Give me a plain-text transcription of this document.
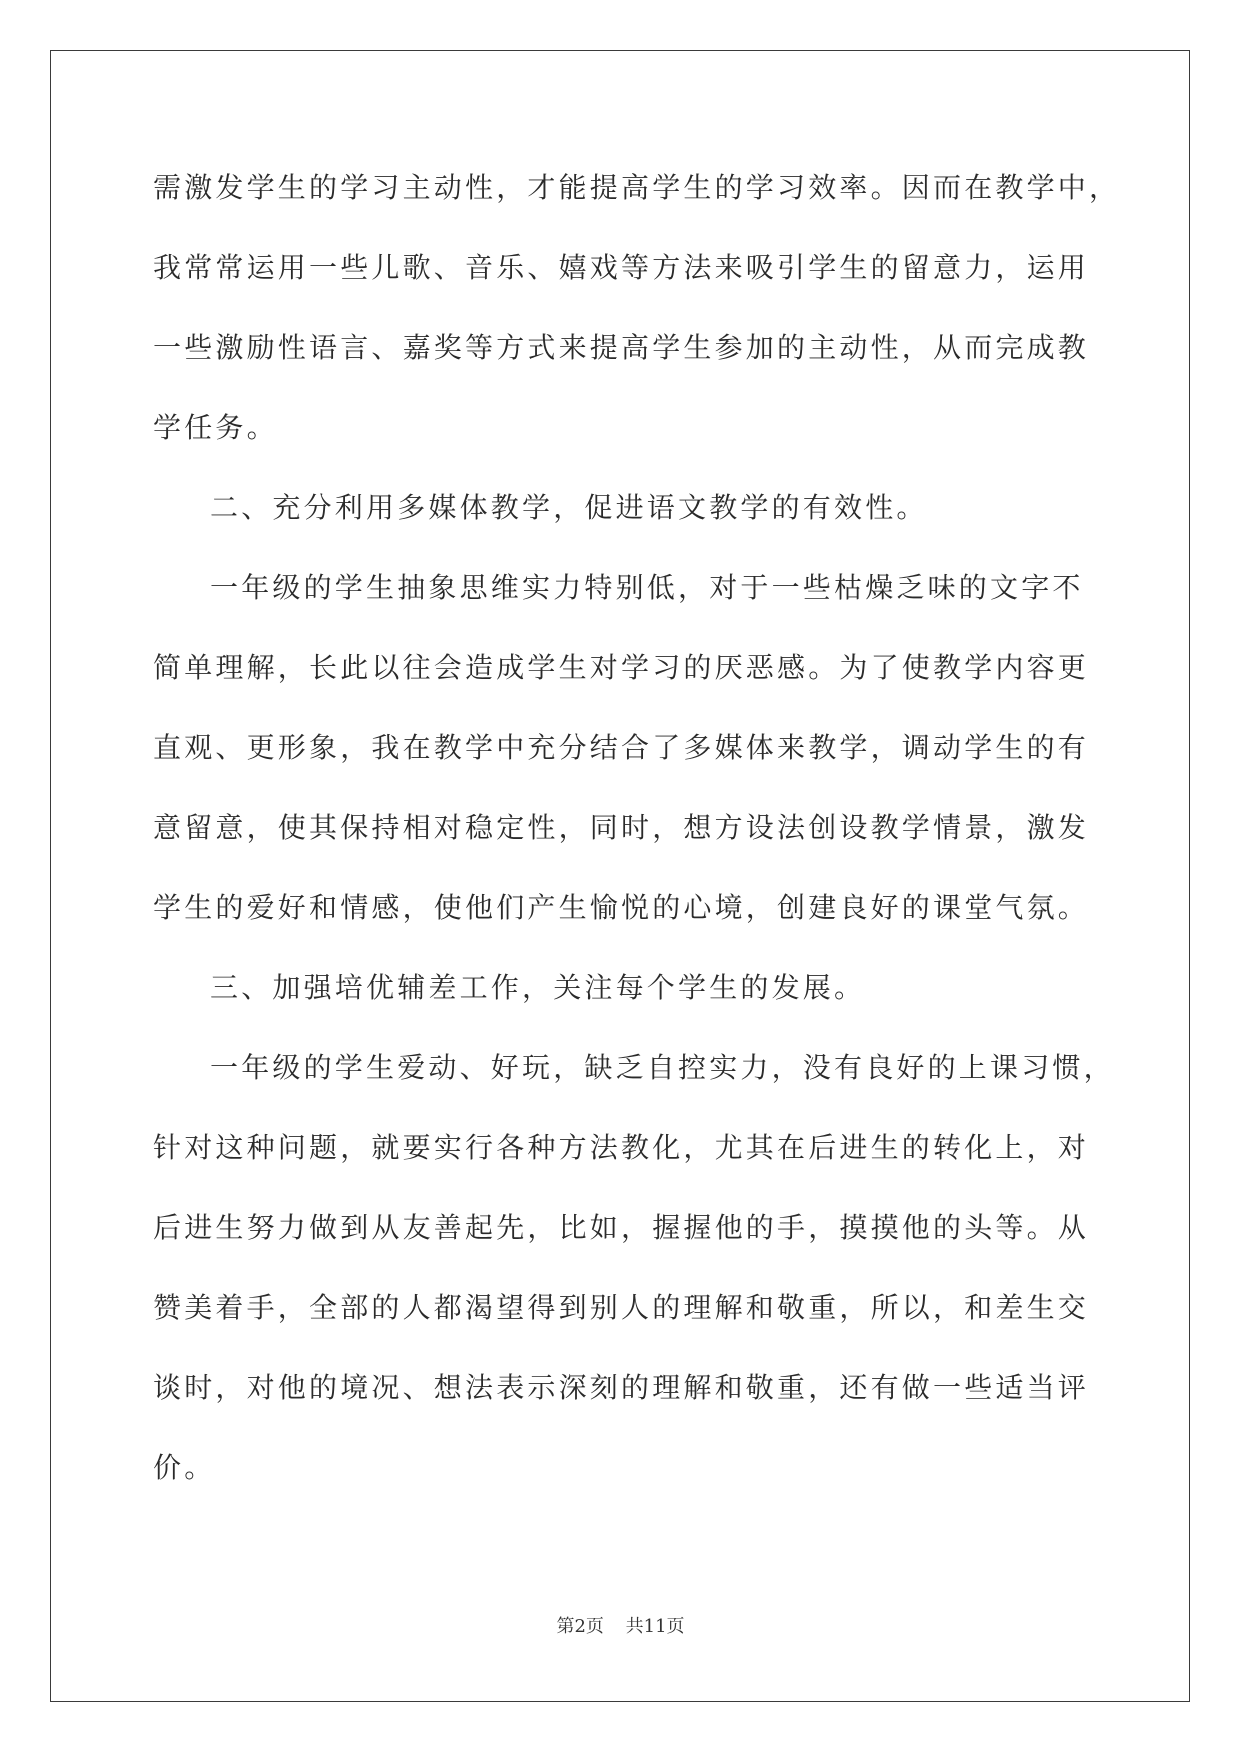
需激发学生的学习主动性，才能提高学生的学习效率。因而在教学中，

我常常运用一些儿歌、音乐、嬉戏等方法来吸引学生的留意力，运用

一些激励性语言、嘉奖等方式来提高学生参加的主动性，从而完成教

学任务。

二、充分利用多媒体教学，促进语文教学的有效性。

一年级的学生抽象思维实力特别低，对于一些枯燥乏味的文字不

简单理解，长此以往会造成学生对学习的厌恶感。为了使教学内容更

直观、更形象，我在教学中充分结合了多媒体来教学，调动学生的有

意留意，使其保持相对稳定性，同时，想方设法创设教学情景，激发

学生的爱好和情感，使他们产生愉悦的心境，创建良好的课堂气氛。

三、加强培优辅差工作，关注每个学生的发展。

一年级的学生爱动、好玩，缺乏自控实力，没有良好的上课习惯，

针对这种问题，就要实行各种方法教化，尤其在后进生的转化上，对

后进生努力做到从友善起先，比如，握握他的手，摸摸他的头等。从

赞美着手，全部的人都渴望得到别人的理解和敬重，所以，和差生交

谈时，对他的境况、想法表示深刻的理解和敬重，还有做一些适当评

价。

第2页 共11页
